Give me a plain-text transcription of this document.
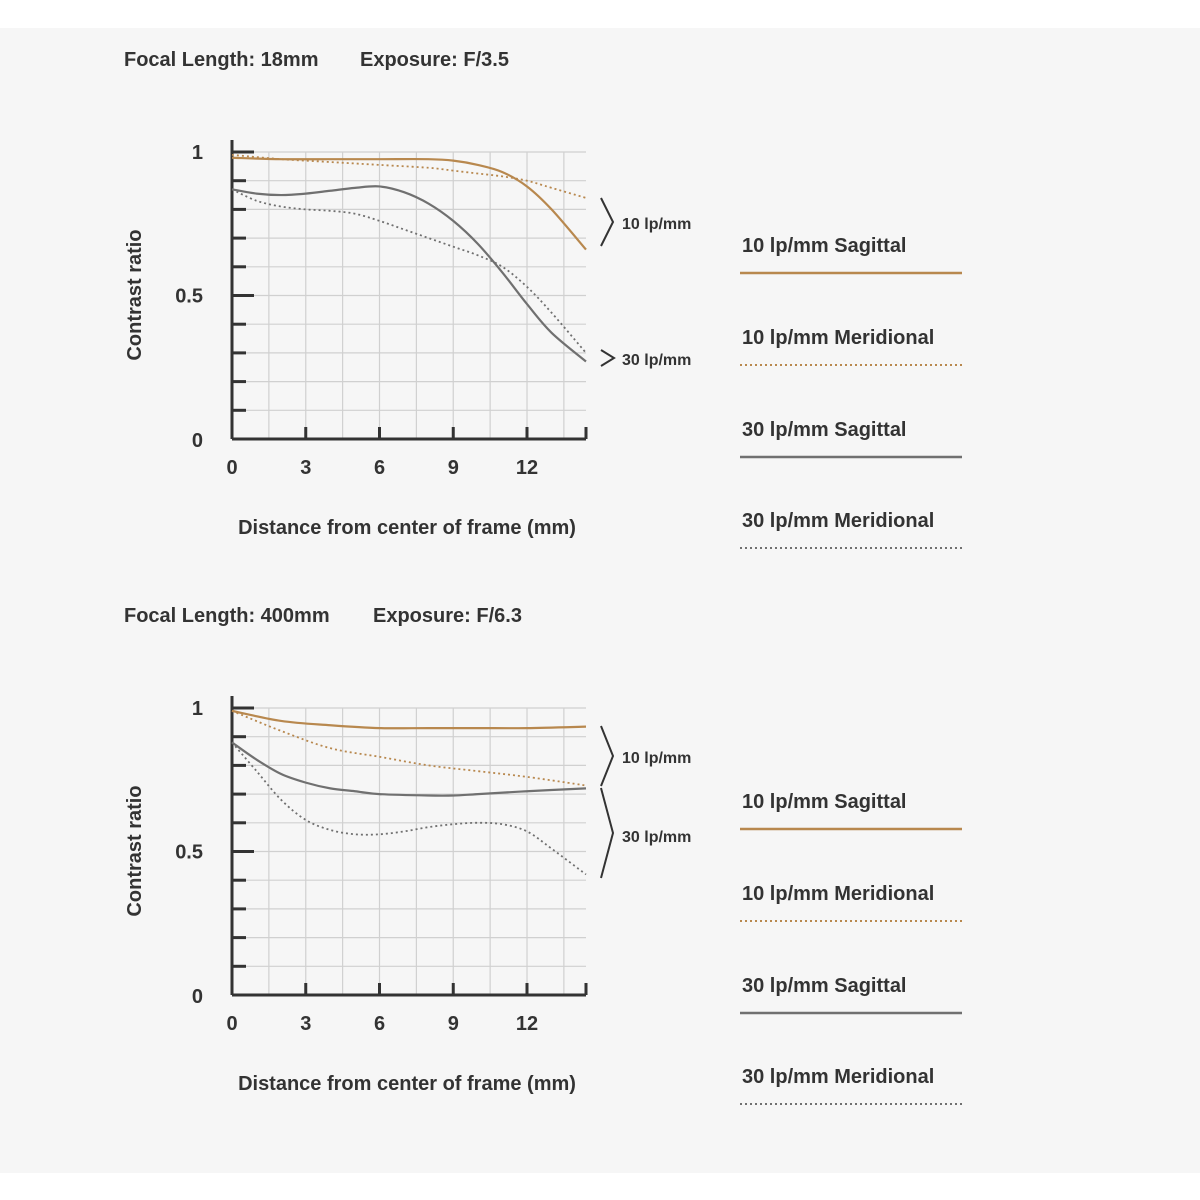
Focal Length: 18mm Exposure: F/3.5
0
0.5
1
0	3	6	9	12
Distance from center of frame (mm)
Contrast ratio
10 lp/mm
30 lp/mm
10 lp/mm Sagittal
10 lp/mm Meridional
30 lp/mm Sagittal
30 lp/mm Meridional
Focal Length: 400mm Exposure: F/6.3
0
0.5
1
0	3	6	9	12
Distance from center of frame (mm)
Contrast ratio
10 lp/mm
30 lp/mm
10 lp/mm Sagittal
10 lp/mm Meridional
30 lp/mm Sagittal
30 lp/mm Meridional
